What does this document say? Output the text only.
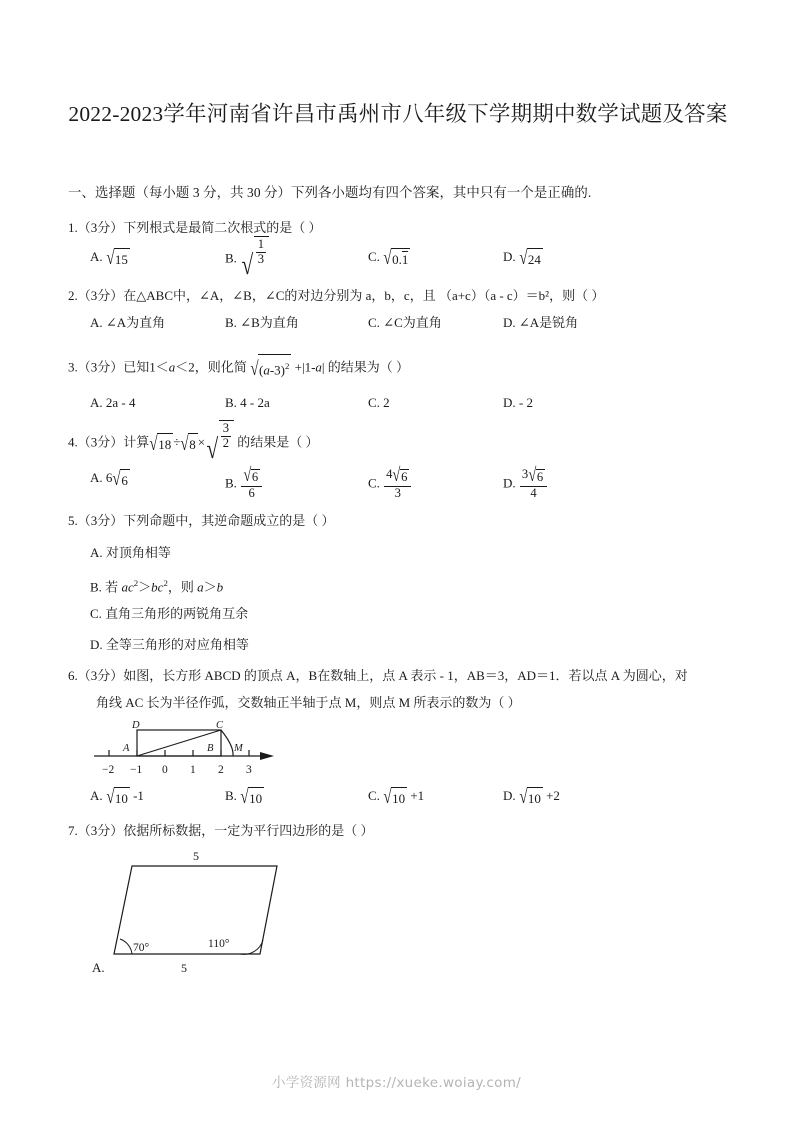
2022-2023学年河南省许昌市禹州市八年级下学期期中数学试题及答案
一、选择题（每小题 3 分，共 30 分）下列各小题均有四个答案，其中只有一个是正确的.
1.（3分）下列根式是最简二次根式的是（ ）
A. √15	B. √ $\frac{1}{3}$	C. √0.1	D. √24
2.（3分）在△ABC中，∠A，∠B，∠C的对边分别为 a，b，c，且 （a+c）（a - c）＝b²，则（ ）
A. ∠A为直角	B. ∠B为直角	C. ∠C为直角	D. ∠A是锐角
3.（3分）已知1＜a＜2，则化简 $√(a-3)^2 +|1-a|$ 的结果为（ ）
A. 2a - 4	B. 4 - 2a	C. 2	D. - 2
4.（3分）计算√18 ÷√8 ×√ $\frac{3}{2}$ 的结果是（ ）
A. 6√6	B. $\frac{√6}{6}$	C. $\frac{4√6}{3}$	D. $\frac{3√6}{4}$
5.（3分）下列命题中，其逆命题成立的是（ ）
A. 对顶角相等
B. 若 $ac^2>bc^2$，则 a＞b
C. 直角三角形的两锐角互余
D. 全等三角形的对应角相等
6.（3分）如图，长方形 ABCD 的顶点 A，B在数轴上，点 A 表示 - 1，AB＝3，AD＝1．若以点 A 为圆心，对
角线 AC 长为半径作弧，交数轴正半轴于点 M，则点 M 所表示的数为（ ）
D	C
A	B M
−2 −1 0 1 2 3
A. √10 -1	B. √10	C. √10 +1	D. √10 +2
7.（3分）依据所标数据，一定为平行四边形的是（ ）
5
5
70°	110°
A.
小学资源网 https://xueke.woiay.com/
